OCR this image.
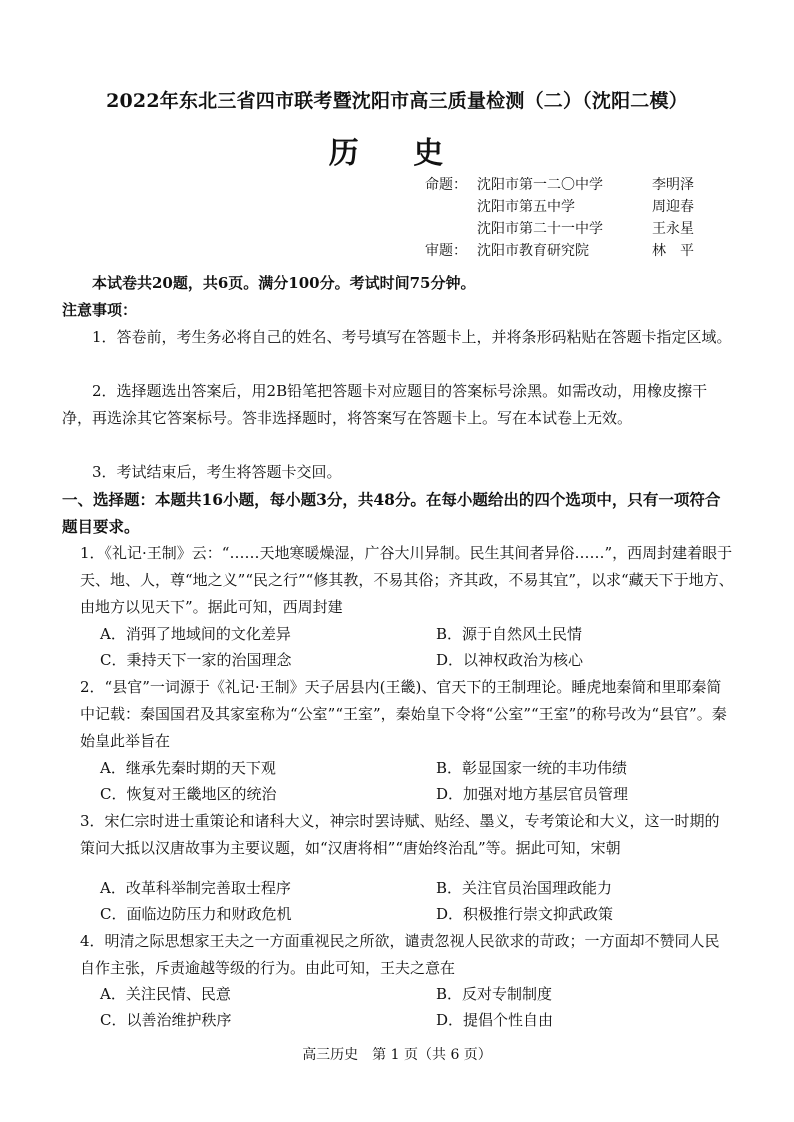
2022年东北三省四市联考暨沈阳市高三质量检测（二）（沈阳二模）
历 史
命题： 沈阳市第一二〇中学	李明泽
沈阳市第五中学	周迎春
沈阳市第二十一中学	王永星
审题： 沈阳市教育研究院	林　平
本试卷共20题，共6页。满分100分。考试时间75分钟。
注意事项：
1．答卷前，考生务必将自己的姓名、考号填写在答题卡上，并将条形码粘贴在答题卡指定区域。
2．选择题选出答案后，用2B铅笔把答题卡对应题目的答案标号涂黑。如需改动，用橡皮擦干净，再选涂其它答案标号。答非选择题时，将答案写在答题卡上。写在本试卷上无效。
3．考试结束后，考生将答题卡交回。
一、选择题：本题共16小题，每小题3分，共48分。在每小题给出的四个选项中，只有一项符合题目要求。
1．《礼记·王制》云：“……天地寒暖燥湿，广谷大川异制。民生其间者异俗……”，西周封建着眼于天、地、人，尊“地之义”“民之行”“修其教，不易其俗；齐其政，不易其宜”，以求“藏天下于地方、由地方以见天下”。据此可知，西周封建
A．消弭了地域间的文化差异	B．源于自然风土民情
C．秉持天下一家的治国理念	D．以神权政治为核心
2．“县官”一词源于《礼记·王制》天子居县内(王畿)、官天下的王制理论。睡虎地秦简和里耶秦简中记载：秦国国君及其家室称为“公室”“王室”，秦始皇下令将“公室”“王室”的称号改为“县官”。秦始皇此举旨在
A．继承先秦时期的天下观	B．彰显国家一统的丰功伟绩
C．恢复对王畿地区的统治	D．加强对地方基层官员管理
3．宋仁宗时进士重策论和诸科大义，神宗时罢诗赋、贴经、墨义，专考策论和大义，这一时期的策问大抵以汉唐故事为主要议题，如“汉唐将相”“唐始终治乱”等。据此可知，宋朝
A．改革科举制完善取士程序	B．关注官员治国理政能力
C．面临边防压力和财政危机	D．积极推行崇文抑武政策
4．明清之际思想家王夫之一方面重视民之所欲，谴责忽视人民欲求的苛政；一方面却不赞同人民自作主张，斥责逾越等级的行为。由此可知，王夫之意在
A．关注民情、民意	B．反对专制制度
C．以善治维护秩序	D．提倡个性自由
高三历史　第 1 页（共 6 页）
